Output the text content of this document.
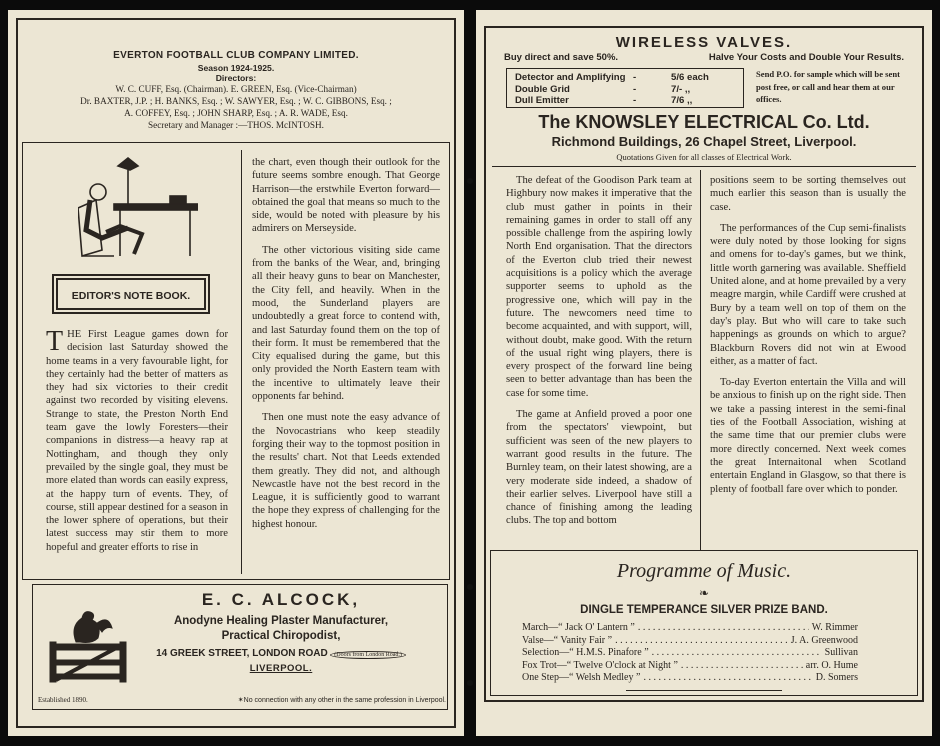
EVERTON FOOTBALL CLUB COMPANY LIMITED.
Season 1924-1925.
Directors:
W. C. CUFF, Esq. (Chairman). E. GREEN, Esq. (Vice-Chairman)
Dr. BAXTER, J.P. ; H. BANKS, Esq. ; W. SAWYER, Esq. ; W. C. GIBBONS, Esq. ;
A. COFFEY, Esq. ; JOHN SHARP, Esq. ; A. R. WADE, Esq.
Secretary and Manager :—THOS. McINTOSH.
EDITOR'S NOTE BOOK.

THE First League games down for decision last Saturday showed the home teams in a very favourable light, for they certainly had the better of matters as they had six victories to their credit against two recorded by visiting elevens. Strange to state, the Preston North End team gave the lowly Foresters—their companions in distress—a heavy rap at Nottingham, and though they only prevailed by the single goal, they must be more elated than words can easily express, at the happy turn of events. They, of course, still appear destined for a season in the lower sphere of operations, but their latest success may stir them to more hopeful and greater efforts to rise in

the chart, even though their outlook for the future seems sombre enough. That George Harrison—the erstwhile Everton forward—obtained the goal that means so much to the side, would be noted with pleasure by his admirers on Merseyside.

The other victorious visiting side came from the banks of the Wear, and, bringing all their heavy guns to bear on Manchester, the City fell, and heavily. When in the mood, the Sunderland players are undoubtedly a great force to contend with, and last Saturday found them on the top of their form. It must be remembered that the City equalised during the game, but this only provided the North Eastern team with the incentive to ultimately leave their opponents far behind.

Then one must note the easy advance of the Novocastrians who keep steadily forging their way to the topmost position in the results' chart. Not that Leeds extended them greatly. They did not, and although Newcastle have not the best record in the League, it is sufficiently good to warrant the hope they express of challenging for the highest honour.

E. C. ALCOCK,
Anodyne Healing Plaster Manufacturer,
Practical Chiropodist,
14 GREEK STREET, LONDON ROAD (Doors from London Road.)
LIVERPOOL.
Established 1890.	✶No connection with any other in the same profession in Liverpool.
WIRELESS VALVES.
Buy direct and save 50%.	Halve Your Costs and Double Your Results.
Detector and Amplifying -	5/6 each
Double Grid	-	7/- ,,
Dull Emitter	-	7/6 ,,
Send P.O. for sample which will be sent post free, or call and hear them at our offices.
The KNOWSLEY ELECTRICAL Co. Ltd.
Richmond Buildings, 26 Chapel Street, Liverpool.
Quotations Given for all classes of Electrical Work.

The defeat of the Goodison Park team at Highbury now makes it imperative that the club must gather in points in their remaining games in order to stall off any possible challenge from the aspiring lowly North End organisation. That the directors of the Everton club tried their newest acquisitions is a policy which the average supporter seems to uphold as the progressive one, which will pay in the future. The newcomers need time to become acquainted, and with support, will, without doubt, make good. With the return of the usual right wing players, there is every prospect of the forward line being seen to better advantage than has been the case for some time.

The game at Anfield proved a poor one from the spectators' viewpoint, but sufficient was seen of the new players to warrant good results in the future. The Burnley team, on their latest showing, are a very moderate side indeed, a shadow of their earlier selves. Liverpool have still a chance of finishing among the leading clubs. The top and bottom

positions seem to be sorting themselves out much earlier this season than is usually the case.

The performances of the Cup semi-finalists were duly noted by those looking for signs and omens for to-day's games, but we think, little worth garnering was available. Sheffield United alone, and at home prevailed by a very meagre margin, while Cardiff were crushed at Bury by a team well on top of them on the day's play. But who will care to take such happenings as grounds on which to argue? Blackburn Rovers did not win at Ewood either, as a matter of fact.

To-day Everton entertain the Villa and will be anxious to finish up on the right side. Then we take a passing interest in the semi-final ties of the Football Association, wishing at the same time that our premier clubs were more directly concerned. Next week comes the great Internaitonal when Scotland entertain England in Glasgow, so that there is plenty of football fare over which to ponder.

Programme of Music.
❧
DINGLE TEMPERANCE SILVER PRIZE BAND.
March—“ Jack O' Lantern ” . . .	W. Rimmer
Valse—“ Vanity Fair ” . . .	J. A. Greenwood
Selection—“ H.M.S. Pinafore ” . . .	Sullivan
Fox Trot—“ Twelve O'clock at Night ” . . .	arr. O. Hume
One Step—“ Welsh Medley ” . . .	D. Somers
